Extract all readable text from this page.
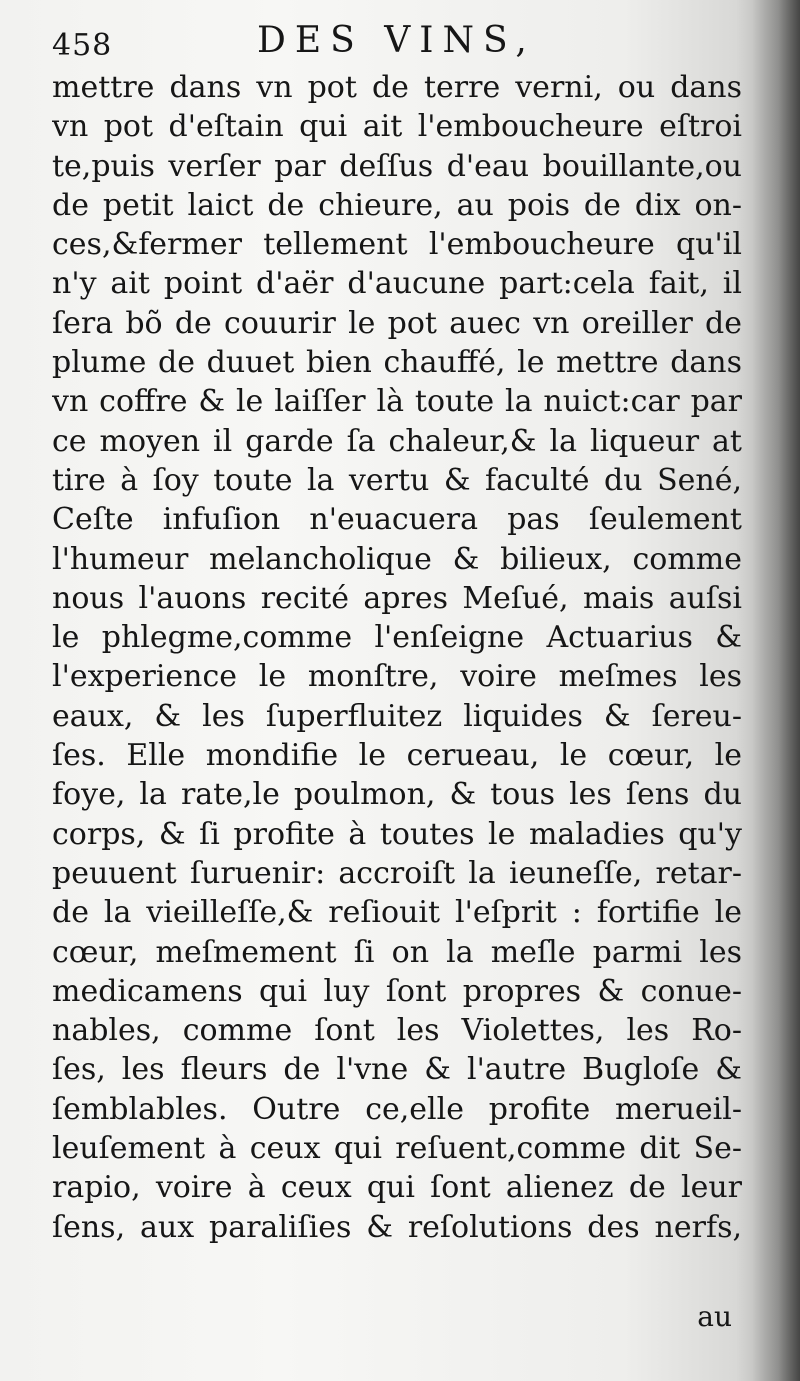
458	DES VINS,
mettre dans vn pot de terre verni, ou dans
vn pot d'eſtain qui ait l'emboucheure eſtroi
te,puis verſer par deſſus d'eau bouillante,ou
de petit laict de chieure, au pois de dix on-
ces,&fermer tellement l'emboucheure qu'il
n'y ait point d'aër d'aucune part:cela fait, il
ſera bõ de couurir le pot auec vn oreiller de
plume de duuet bien chauffé, le mettre dans
vn coffre & le laiſſer là toute la nuict:car par
ce moyen il garde ſa chaleur,& la liqueur at
tire à ſoy toute la vertu & faculté du Sené,
Ceſte infuſion n'euacuera pas ſeulement
l'humeur melancholique & bilieux, comme
nous l'auons recité apres Meſué, mais auſsi
le phlegme,comme l'enſeigne Actuarius &
l'experience le monſtre, voire meſmes les
eaux, & les ſuperfluitez liquides & ſereu-
ſes. Elle mondifie le cerueau, le cœur, le
foye, la rate,le poulmon, & tous les ſens du
corps, & ſi profite à toutes le maladies qu'y
peuuent ſuruenir: accroiſt la ieuneſſe, retar-
de la vieilleſſe,& reſiouit l'eſprit : fortifie le
cœur, meſmement ſi on la meſle parmi les
medicamens qui luy ſont propres & conue-
nables, comme ſont les Violettes, les Ro-
ſes, les fleurs de l'vne & l'autre Bugloſe &
ſemblables. Outre ce,elle profite merueil-
leuſement à ceux qui reſuent,comme dit Se-
rapio, voire à ceux qui ſont alienez de leur
ſens, aux paraliſies & reſolutions des nerfs,
au
